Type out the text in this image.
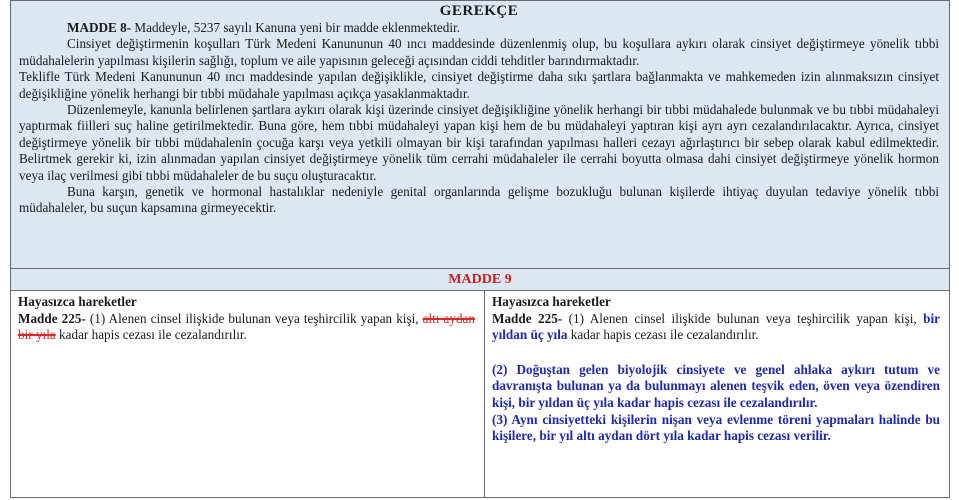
GEREKÇE

MADDE 8- Maddeyle, 5237 sayılı Kanuna yeni bir madde eklenmektedir.

Cinsiyet değiştirmenin koşulları Türk Medeni Kanununun 40 ıncı maddesinde düzenlenmiş olup, bu koşullara aykırı olarak cinsiyet değiştirmeye yönelik tıbbi müdahalelerin yapılması kişilerin sağlığı, toplum ve aile yapısının geleceği açısından ciddi tehditler barındırmaktadır.

Teklifle Türk Medeni Kanununun 40 ıncı maddesinde yapılan değişiklikle, cinsiyet değiştirme daha sıkı şartlara bağlanmakta ve mahkemeden izin alınmaksızın cinsiyet değişikliğine yönelik herhangi bir tıbbi müdahale yapılması açıkça yasaklanmaktadır.

Düzenlemeyle, kanunla belirlenen şartlara aykırı olarak kişi üzerinde cinsiyet değişikliğine yönelik herhangi bir tıbbi müdahalede bulunmak ve bu tıbbi müdahaleyi yaptırmak fiilleri suç haline getirilmektedir. Buna göre, hem tıbbi müdahaleyi yapan kişi hem de bu müdahaleyi yaptıran kişi ayrı ayrı cezalandırılacaktır. Ayrıca, cinsiyet değiştirmeye yönelik bir tıbbi müdahalenin çocuğa karşı veya yetkili olmayan bir kişi tarafından yapılması halleri cezayı ağırlaştırıcı bir sebep olarak kabul edilmektedir. Belirtmek gerekir ki, izin alınmadan yapılan cinsiyet değiştirmeye yönelik tüm cerrahi müdahaleler ile cerrahi boyutta olmasa dahi cinsiyet değiştirmeye yönelik hormon veya ilaç verilmesi gibi tıbbi müdahaleler de bu suçu oluşturacaktır.

Buna karşın, genetik ve hormonal hastalıklar nedeniyle genital organlarında gelişme bozukluğu bulunan kişilerde ihtiyaç duyulan tedaviye yönelik tıbbi müdahaleler, bu suçun kapsamına girmeyecektir.

MADDE 9

Hayasızca hareketler

Madde 225- (1) Alenen cinsel ilişkide bulunan veya teşhircilik yapan kişi, altı aydan bir yıla kadar hapis cezası ile cezalandırılır.

Hayasızca hareketler

Madde 225- (1) Alenen cinsel ilişkide bulunan veya teşhircilik yapan kişi, bir yıldan üç yıla kadar hapis cezası ile cezalandırılır.

(2) Doğuştan gelen biyolojik cinsiyete ve genel ahlaka aykırı tutum ve davranışta bulunan ya da bulunmayı alenen teşvik eden, öven veya özendiren kişi, bir yıldan üç yıla kadar hapis cezası ile cezalandırılır.

(3) Aynı cinsiyetteki kişilerin nişan veya evlenme töreni yapmaları halinde bu kişilere, bir yıl altı aydan dört yıla kadar hapis cezası verilir.
